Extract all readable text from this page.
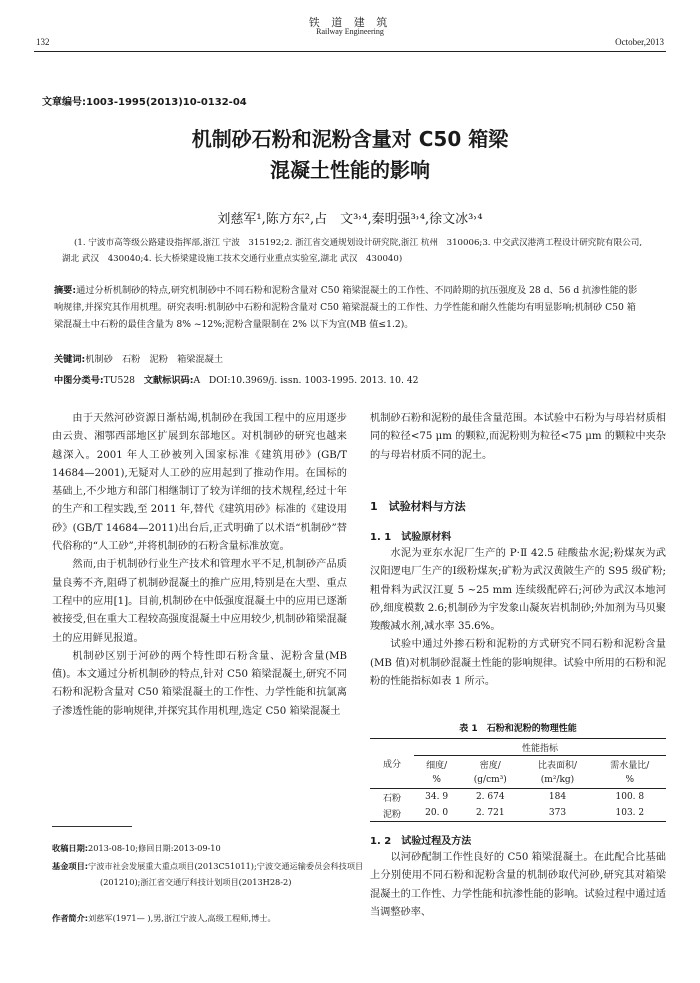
铁 道 建 筑
Railway Engineering
132	October,2013
文章编号:1003-1995(2013)10-0132-04
机制砂石粉和泥粉含量对 C50 箱梁
混凝土性能的影响
刘慈军¹,陈方东²,占　文³˒⁴,秦明强³˒⁴,徐文冰³˒⁴
(1. 宁波市高等级公路建设指挥部,浙江 宁波　315192;2. 浙江省交通规划设计研究院,浙江 杭州　310006;3. 中交武汉港湾工程设计研究院有限公司,湖北 武汉　430040;4. 长大桥梁建设施工技术交通行业重点实验室,湖北 武汉　430040)
摘要:通过分析机制砂的特点,研究机制砂中不同石粉和泥粉含量对 C50 箱梁混凝土的工作性、不同龄期的抗压强度及 28 d、56 d 抗渗性能的影响规律,并探究其作用机理。研究表明:机制砂中石粉和泥粉含量对 C50 箱梁混凝土的工作性、力学性能和耐久性能均有明显影响;机制砂 C50 箱梁混凝土中石粉的最佳含量为 8% ~12%;泥粉含量限制在 2% 以下为宜(MB 值≤1.2)。
关键词:机制砂　石粉　泥粉　箱梁混凝土
中图分类号:TU528 文献标识码:A DOI:10.3969/j. issn. 1003-1995. 2013. 10. 42

由于天然河砂资源日渐枯竭,机制砂在我国工程中的应用逐步由云贵、湘鄂西部地区扩展到东部地区。对机制砂的研究也越来越深入。2001 年人工砂被列入国家标准《建筑用砂》(GB/T 14684—2001),无疑对人工砂的应用起到了推动作用。在国标的基础上,不少地方和部门相继制订了较为详细的技术规程,经过十年的生产和工程实践,至 2011 年,替代《建筑用砂》标准的《建设用砂》(GB/T 14684—2011)出台后,正式明确了以术语“机制砂”替代俗称的“人工砂”,并将机制砂的石粉含量标准放宽。

然而,由于机制砂行业生产技术和管理水平不足,机制砂产品质量良莠不齐,阻碍了机制砂混凝土的推广应用,特别是在大型、重点工程中的应用[1]。目前,机制砂在中低强度混凝土中的应用已逐渐被接受,但在重大工程较高强度混凝土中应用较少,机制砂箱梁混凝土的应用鲜见报道。

机制砂区别于河砂的两个特性即石粉含量、泥粉含量(MB 值)。本文通过分析机制砂的特点,针对 C50 箱梁混凝土,研究不同石粉和泥粉含量对 C50 箱梁混凝土的工作性、力学性能和抗氯离子渗透性能的影响规律,并探究其作用机理,选定 C50 箱梁混凝土

收稿日期:2013-08-10;修回日期:2013-09-10
基金项目:宁波市社会发展重大重点项目(2013C51011);宁波交通运输委员会科技项目(201210);浙江省交通厅科技计划项目(2013H28-2)
作者简介:刘慈军(1971— ),男,浙江宁波人,高级工程师,博士。

机制砂石粉和泥粉的最佳含量范围。本试验中石粉为与母岩材质相同的粒径<75 μm 的颗粒,而泥粉则为粒径<75 μm 的颗粒中夹杂的与母岩材质不同的泥土。

1　试验材料与方法
1. 1　试验原材料

水泥为亚东水泥厂生产的 P·Ⅱ 42.5 硅酸盐水泥;粉煤灰为武汉阳逻电厂生产的Ⅰ级粉煤灰;矿粉为武汉黄陂生产的 S95 级矿粉;粗骨料为武汉江夏 5 ~25 mm 连续级配碎石;河砂为武汉本地河砂,细度模数 2.6;机制砂为宇发象山凝灰岩机制砂;外加剂为马贝聚羧酸减水剂,减水率 35.6%。

试验中通过外掺石粉和泥粉的方式研究不同石粉和泥粉含量(MB 值)对机制砂混凝土性能的影响规律。试验中所用的石粉和泥粉的性能指标如表 1 所示。

表 1　石粉和泥粉的物理性能
成分	性能指标			
	细度/	密度/	比表面积/	需水量比/
	%	(g/cm³)	(m²/kg)	%
石粉	34. 9	2. 674	184	100. 8
泥粉	20. 0	2. 721	373	103. 2
1. 2　试验过程及方法

以河砂配制工作性良好的 C50 箱梁混凝土。在此配合比基础上分别使用不同石粉和泥粉含量的机制砂取代河砂,研究其对箱梁混凝土的工作性、力学性能和抗渗性能的影响。试验过程中通过适当调整砂率、
